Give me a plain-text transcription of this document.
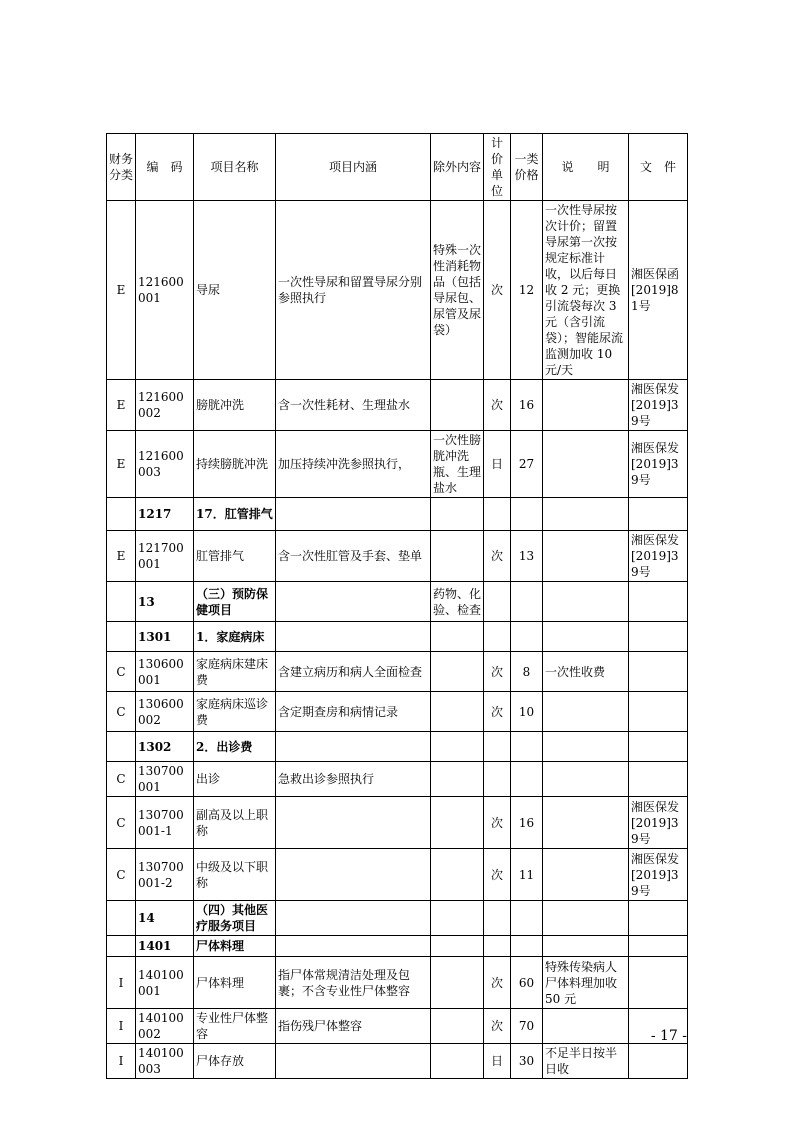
财务分类	编　码	项目名称	项目内涵	除外内容	计价单位	一类价格	说　　明	文　件
E	121600001	导尿	一次性导尿和留置导尿分别参照执行	特殊一次性消耗物品（包括导尿包、尿管及尿袋）	次	12	一次性导尿按次计价；留置导尿第一次按规定标准计收，以后每日收 2 元；更换引流袋每次 3 元（含引流袋）；智能尿流监测加收 10 元/天	湘医保函[2019]81号
E	121600002	膀胱冲洗	含一次性耗材、生理盐水		次	16		湘医保发[2019]39号
E	121600003	持续膀胱冲洗	加压持续冲洗参照执行，	一次性膀胱冲洗瓶、生理盐水	日	27		湘医保发[2019]39号
	1217	17．肛管排气						
E	121700001	肛管排气	含一次性肛管及手套、垫单		次	13		湘医保发[2019]39号
	13	（三）预防保健项目		药物、化验、检查				
	1301	1．家庭病床						
C	130600001	家庭病床建床费	含建立病历和病人全面检查		次	8	一次性收费	
C	130600002	家庭病床巡诊费	含定期查房和病情记录		次	10		
	1302	2．出诊费						
C	130700001	出诊	急救出诊参照执行					
C	130700001-1	副高及以上职称			次	16		湘医保发[2019]39号
C	130700001-2	中级及以下职称			次	11		湘医保发[2019]39号
	14	（四）其他医疗服务项目						
	1401	尸体料理						
I	140100001	尸体料理	指尸体常规清洁处理及包裹；不含专业性尸体整容		次	60	特殊传染病人尸体料理加收 50 元	
I	140100002	专业性尸体整容	指伤残尸体整容		次	70		
I	140100003	尸体存放			日	30	不足半日按半日收	
- 17 -
